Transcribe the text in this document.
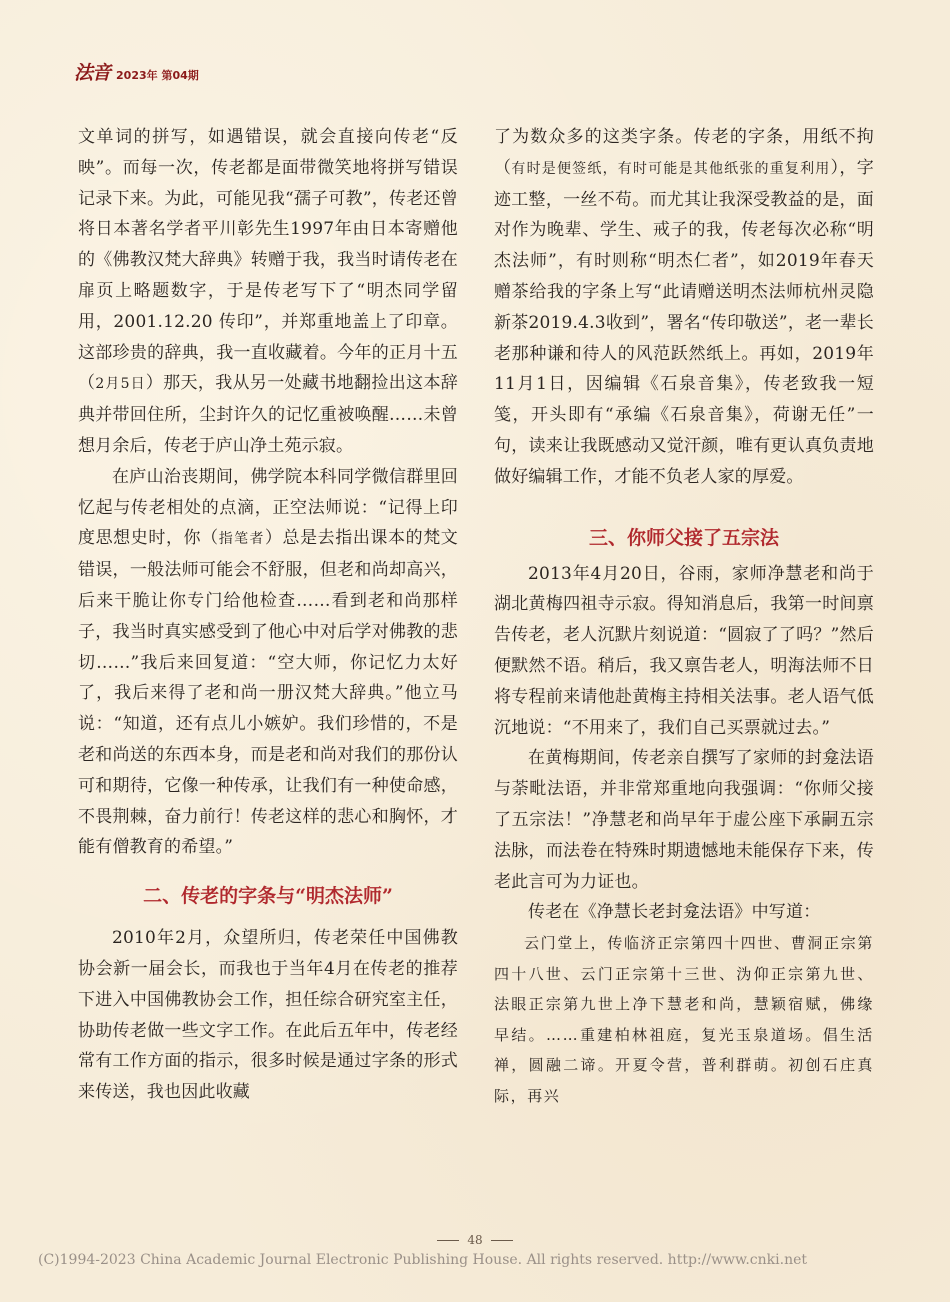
法音 2023年 第04期

文单词的拼写，如遇错误，就会直接向传老“反映”。而每一次，传老都是面带微笑地将拼写错误记录下来。为此，可能见我“孺子可教”，传老还曾将日本著名学者平川彰先生1997年由日本寄赠他的《佛教汉梵大辞典》转赠于我，我当时请传老在扉页上略题数字，于是传老写下了“明杰同学留用，2001.12.20 传印”，并郑重地盖上了印章。这部珍贵的辞典，我一直收藏着。今年的正月十五（2月5日）那天，我从另一处藏书地翻捡出这本辞典并带回住所，尘封许久的记忆重被唤醒……未曾想月余后，传老于庐山净土苑示寂。

在庐山治丧期间，佛学院本科同学微信群里回忆起与传老相处的点滴，正空法师说：“记得上印度思想史时，你（指笔者）总是去指出课本的梵文错误，一般法师可能会不舒服，但老和尚却高兴，后来干脆让你专门给他检查……看到老和尚那样子，我当时真实感受到了他心中对后学对佛教的悲切……”我后来回复道：“空大师，你记忆力太好了，我后来得了老和尚一册汉梵大辞典。”他立马说：“知道，还有点儿小嫉妒。我们珍惜的，不是老和尚送的东西本身，而是老和尚对我们的那份认可和期待，它像一种传承，让我们有一种使命感，不畏荆棘，奋力前行！传老这样的悲心和胸怀，才能有僧教育的希望。”

二、传老的字条与“明杰法师”

2010年2月，众望所归，传老荣任中国佛教协会新一届会长，而我也于当年4月在传老的推荐下进入中国佛教协会工作，担任综合研究室主任，协助传老做一些文字工作。在此后五年中，传老经常有工作方面的指示，很多时候是通过字条的形式来传送，我也因此收藏

了为数众多的这类字条。传老的字条，用纸不拘（有时是便签纸，有时可能是其他纸张的重复利用），字迹工整，一丝不苟。而尤其让我深受教益的是，面对作为晚辈、学生、戒子的我，传老每次必称“明杰法师”，有时则称“明杰仁者”，如2019年春天赠茶给我的字条上写“此请赠送明杰法师杭州灵隐新茶2019.4.3收到”，署名“传印敬送”，老一辈长老那种谦和待人的风范跃然纸上。再如，2019年11月1日，因编辑《石泉音集》，传老致我一短笺，开头即有“承编《石泉音集》，荷谢无任”一句，读来让我既感动又觉汗颜，唯有更认真负责地做好编辑工作，才能不负老人家的厚爱。

三、你师父接了五宗法

2013年4月20日，谷雨，家师净慧老和尚于湖北黄梅四祖寺示寂。得知消息后，我第一时间禀告传老，老人沉默片刻说道：“圆寂了了吗？”然后便默然不语。稍后，我又禀告老人，明海法师不日将专程前来请他赴黄梅主持相关法事。老人语气低沉地说：“不用来了，我们自己买票就过去。”

在黄梅期间，传老亲自撰写了家师的封龛法语与荼毗法语，并非常郑重地向我强调：“你师父接了五宗法！”净慧老和尚早年于虚公座下承嗣五宗法脉，而法卷在特殊时期遗憾地未能保存下来，传老此言可为力证也。

传老在《净慧长老封龛法语》中写道：

云门堂上，传临济正宗第四十四世、曹洞正宗第四十八世、云门正宗第十三世、沩仰正宗第九世、法眼正宗第九世上净下慧老和尚，慧颖宿赋，佛缘早结。……重建柏林祖庭，复光玉泉道场。倡生活禅，圆融二谛。开夏令营，普利群萌。初创石庄真际，再兴

48
(C)1994-2023 China Academic Journal Electronic Publishing House. All rights reserved. http://www.cnki.net
